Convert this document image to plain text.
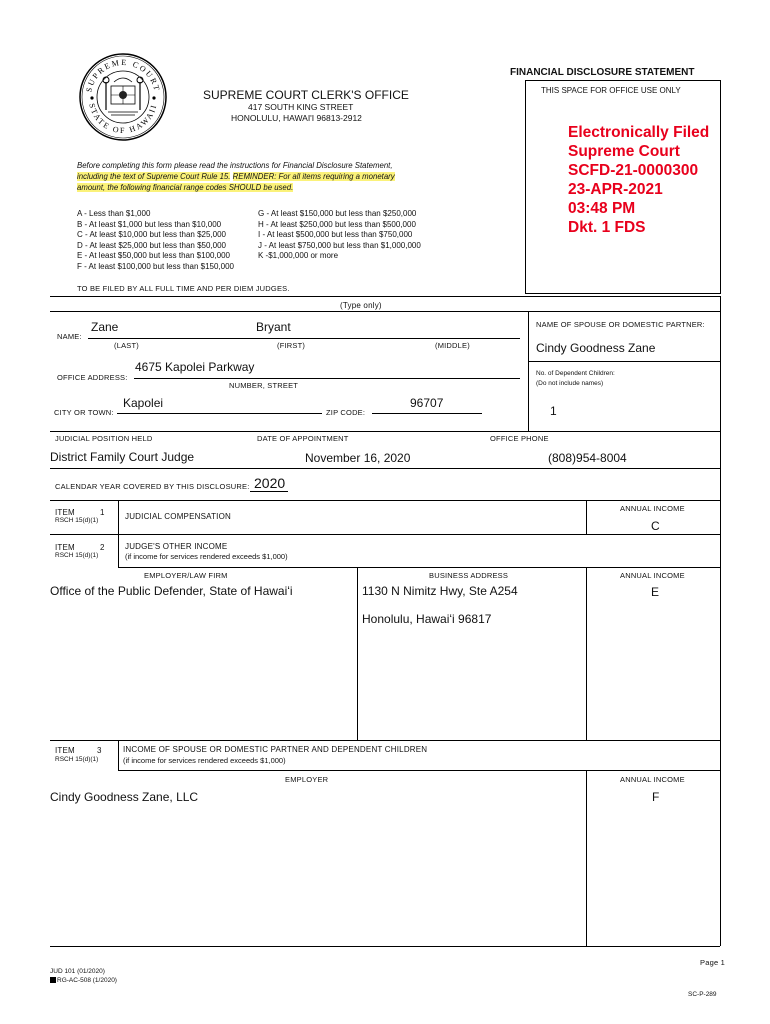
SUPREME COURT
STATE OF HAWAII
SUPREME COURT CLERK'S OFFICE
417 SOUTH KING STREET
HONOLULU, HAWAI'I 96813-2912
FINANCIAL DISCLOSURE STATEMENT
THIS SPACE FOR OFFICE USE ONLY
Electronically Filed
Supreme Court
SCFD-21-0000300
23-APR-2021
03:48 PM
Dkt. 1 FDS
Before completing this form please read the instructions for Financial Disclosure Statement,
including the text of Supreme Court Rule 15. REMINDER: For all items requiring a monetary
amount, the following financial range codes SHOULD be used.
A - Less than $1,000
B - At least $1,000 but less than $10,000
C - At least $10,000 but less than $25,000
D - At least $25,000 but less than $50,000
E - At least $50,000 but less than $100,000
F - At least $100,000 but less than $150,000
G - At least $150,000 but less than $250,000
H - At least $250,000 but less than $500,000
I - At least $500,000 but less than $750,000
J - At least $750,000 but less than $1,000,000
K -$1,000,000 or more
TO BE FILED BY ALL FULL TIME AND PER DIEM JUDGES.
(Type only)
Zane	Bryant
NAME:
(LAST)	(FIRST)	(MIDDLE)
NAME OF SPOUSE OR DOMESTIC PARTNER:
Cindy Goodness Zane
4675 Kapolei Parkway
OFFICE ADDRESS:
NUMBER, STREET
No. of Dependent Children:
(Do not include names)
1
Kapolei
CITY OR TOWN:	ZIP CODE:
96707
JUDICIAL POSITION HELD	DATE OF APPOINTMENT	OFFICE PHONE
District Family Court Judge	November 16, 2020	(808)954-8004
CALENDAR YEAR COVERED BY THIS DISCLOSURE: 2020
ITEM	1
RSCH 15(d)(1)	JUDICIAL COMPENSATION
ANNUAL INCOME
C
ITEM	2
RSCH 15(d)(1)
JUDGE'S OTHER INCOME
(if income for services rendered exceeds $1,000)
EMPLOYER/LAW FIRM	BUSINESS ADDRESS	ANNUAL INCOME
Office of the Public Defender, State of Hawaiʻi	1130 N Nimitz Hwy, Ste A254
Honolulu, Hawaiʻi 96817
E
ITEM	3
RSCH 15(d)(1)
INCOME OF SPOUSE OR DOMESTIC PARTNER AND DEPENDENT CHILDREN
(if income for services rendered exceeds $1,000)
EMPLOYER	ANNUAL INCOME
Cindy Goodness Zane, LLC	F
Page 1
JUD 101 (01/2020)
RG-AC-508 (1/2020)
SC-P-289
